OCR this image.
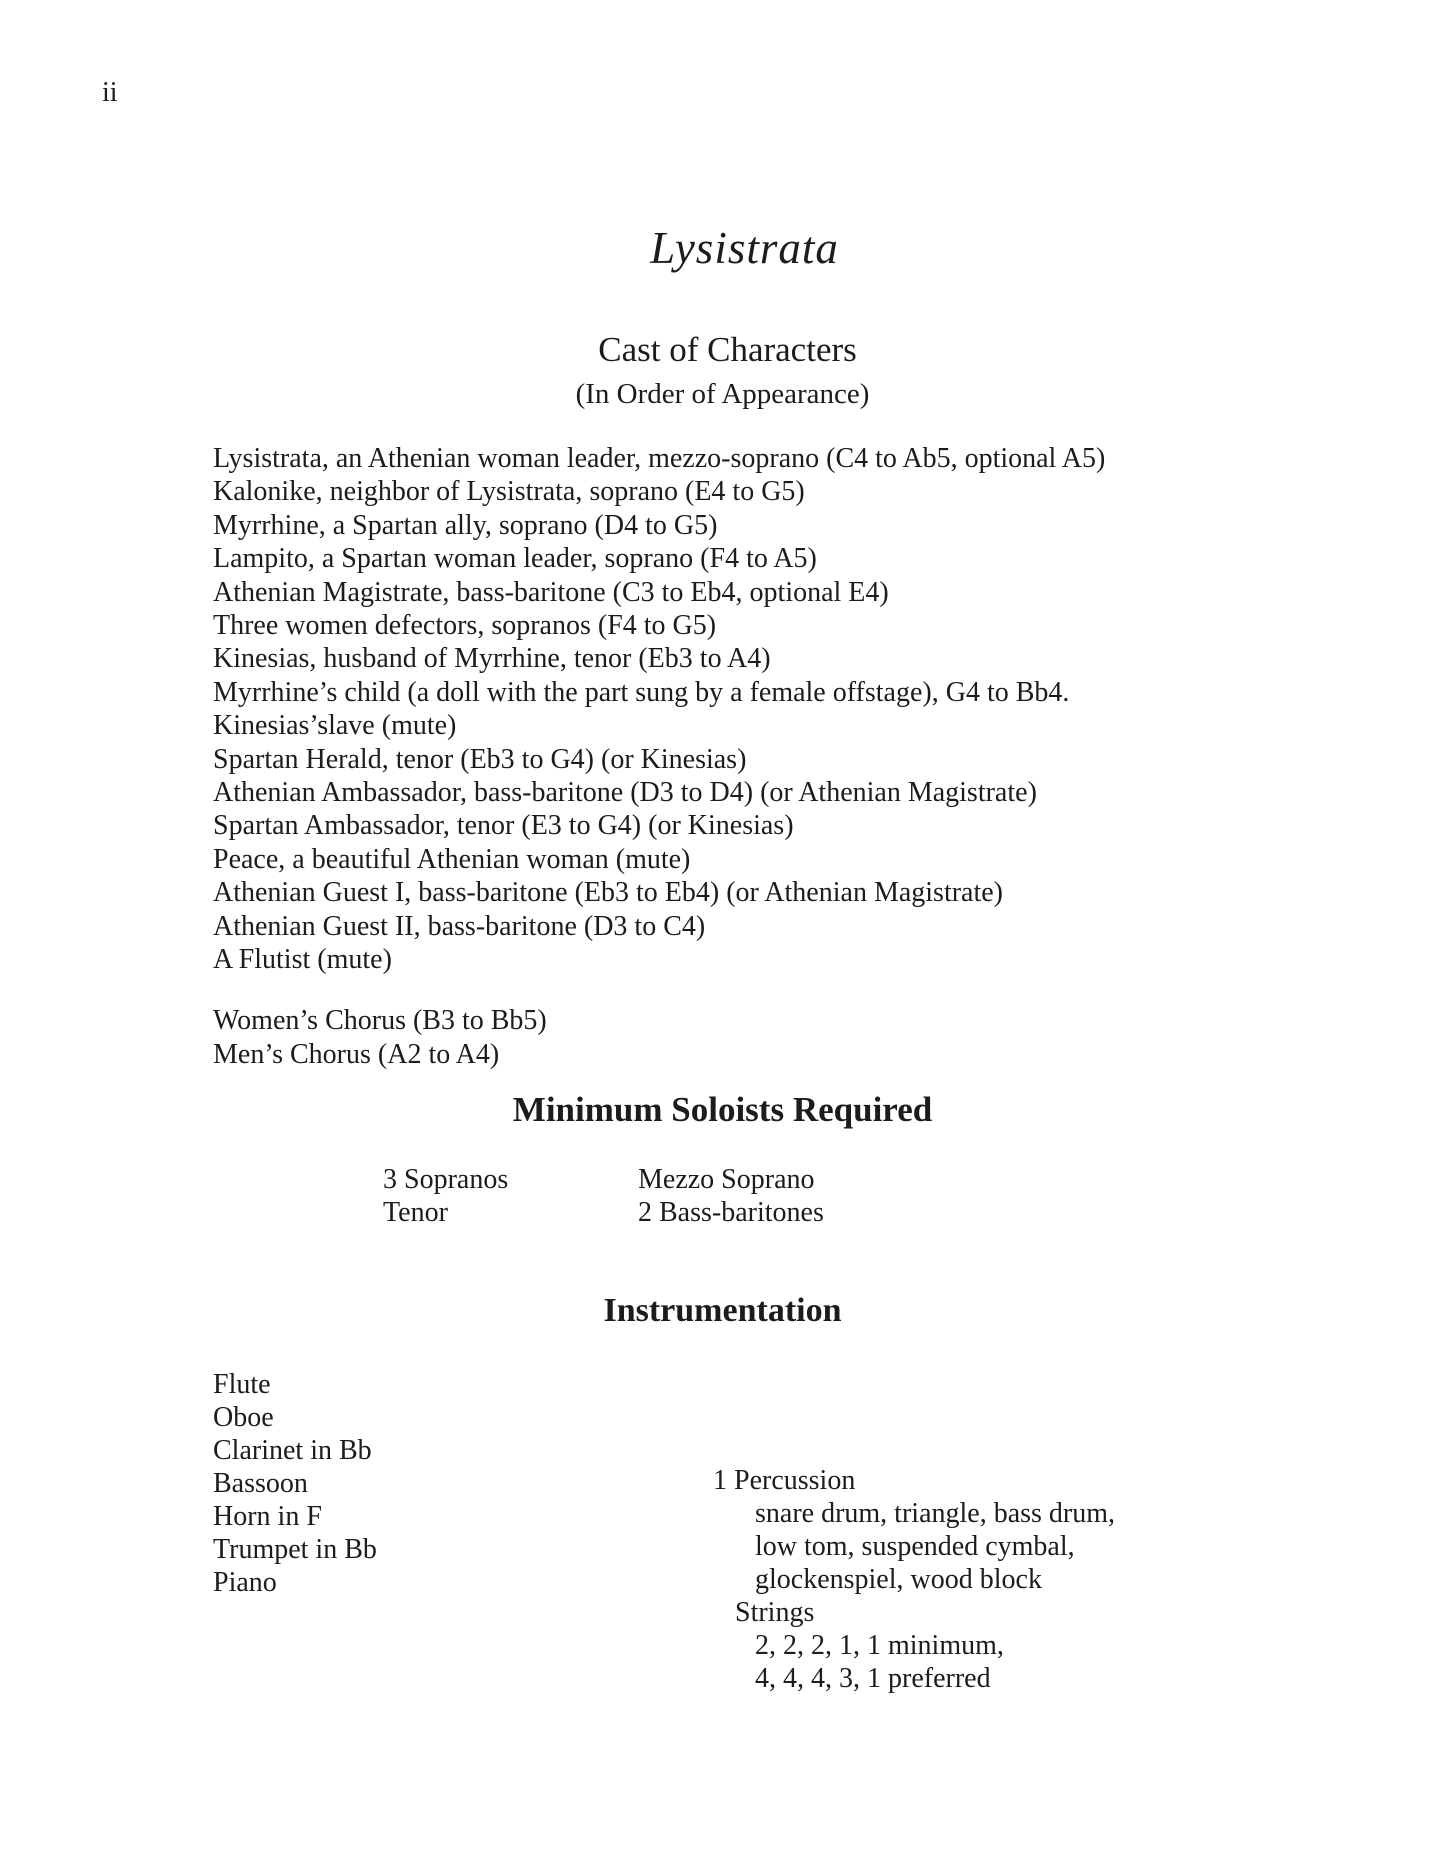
ii
Lysistrata
Cast of Characters
(In Order of Appearance)
Lysistrata, an Athenian woman leader, mezzo-soprano (C4 to Ab5, optional A5)
Kalonike, neighbor of Lysistrata, soprano (E4 to G5)
Myrrhine, a Spartan ally, soprano (D4 to G5)
Lampito, a Spartan woman leader, soprano (F4 to A5)
Athenian Magistrate, bass-baritone (C3 to Eb4, optional E4)
Three women defectors, sopranos (F4 to G5)
Kinesias, husband of Myrrhine, tenor (Eb3 to A4)
Myrrhine’s child (a doll with the part sung by a female offstage), G4 to Bb4.
Kinesias’slave (mute)
Spartan Herald, tenor (Eb3 to G4) (or Kinesias)
Athenian Ambassador, bass-baritone (D3 to D4) (or Athenian Magistrate)
Spartan Ambassador, tenor (E3 to G4) (or Kinesias)
Peace, a beautiful Athenian woman (mute)
Athenian Guest I, bass-baritone (Eb3 to Eb4) (or Athenian Magistrate)
Athenian Guest II, bass-baritone (D3 to C4)
A Flutist (mute)
Women’s Chorus (B3 to Bb5)
Men’s Chorus (A2 to A4)
Minimum Soloists Required
3 Sopranos
Tenor
Mezzo Soprano
2 Bass-baritones
Instrumentation
Flute
Oboe
Clarinet in Bb
Bassoon
Horn in F
Trumpet in Bb
Piano
1 Percussion
snare drum, triangle, bass drum,
low tom, suspended cymbal,
glockenspiel, wood block
Strings
2, 2, 2, 1, 1 minimum,
4, 4, 4, 3, 1 preferred
